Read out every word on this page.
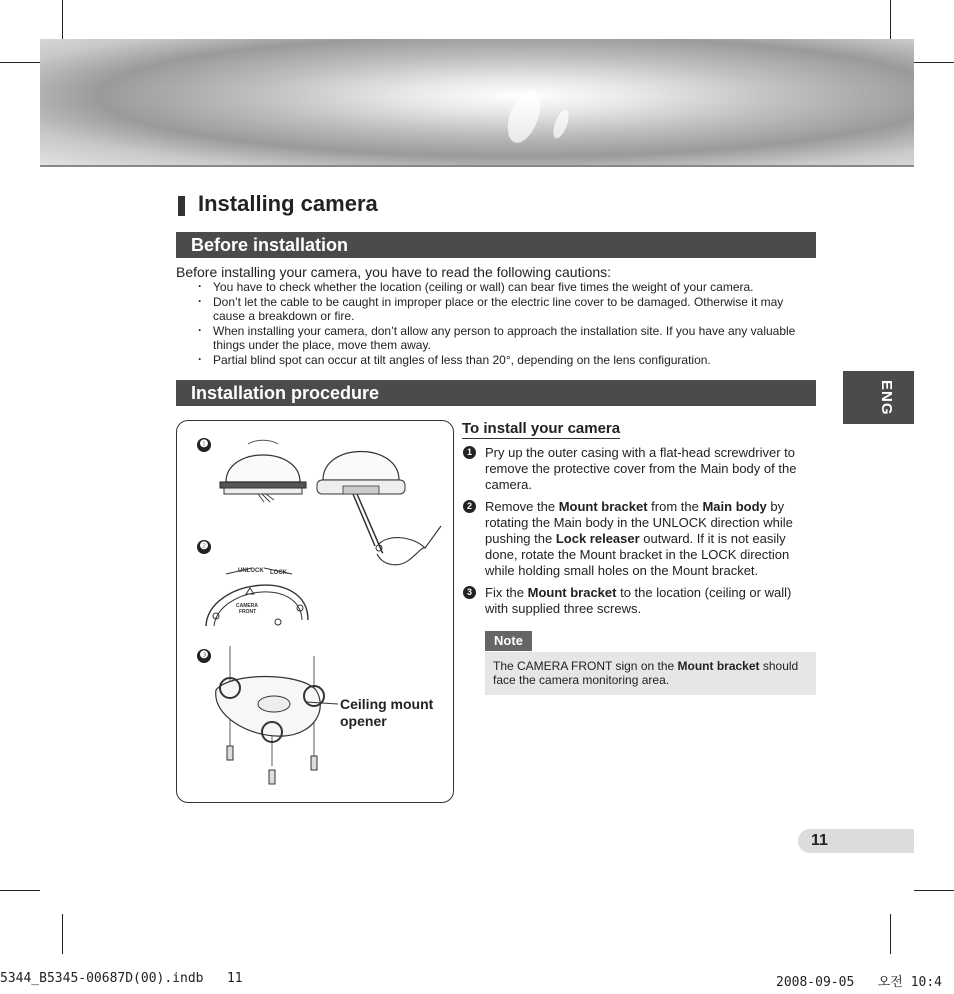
Installing camera
Before installation

Before installing your camera, you have to read the following cautions:

· You have to check whether the location (ceiling or wall) can bear five times the weight of your camera.
· Don’t let the cable to be caught in improper place or the electric line cover to be damaged. Otherwise it may cause a breakdown or fire.
· When installing your camera, don’t allow any person to approach the installation site. If you have any valuable things under the place, move them away.
· Partial blind spot can occur at tilt angles of less than 20°, depending on the lens configuration.
ENG
Installation procedure
❶
❷
❸
UNLOCK LOCK
CAMERA
FRONT
Ceiling mount opener
To install your camera
1	Pry up the outer casing with a flat-head screwdriver to remove the protective cover from the Main body of the camera.
2	Remove the Mount bracket from the Main body by rotating the Main body in the UNLOCK direction while pushing the Lock releaser outward. If it is not easily done, rotate the Mount bracket in the LOCK direction while holding small holes on the Mount bracket.
3	Fix the Mount bracket to the location (ceiling or wall) with supplied three screws.
Note
The CAMERA FRONT sign on the Mount bracket should face the camera monitoring area.
11
5344_B5345-00687D(00).indb   11	2008-09-05   오전 10:4
